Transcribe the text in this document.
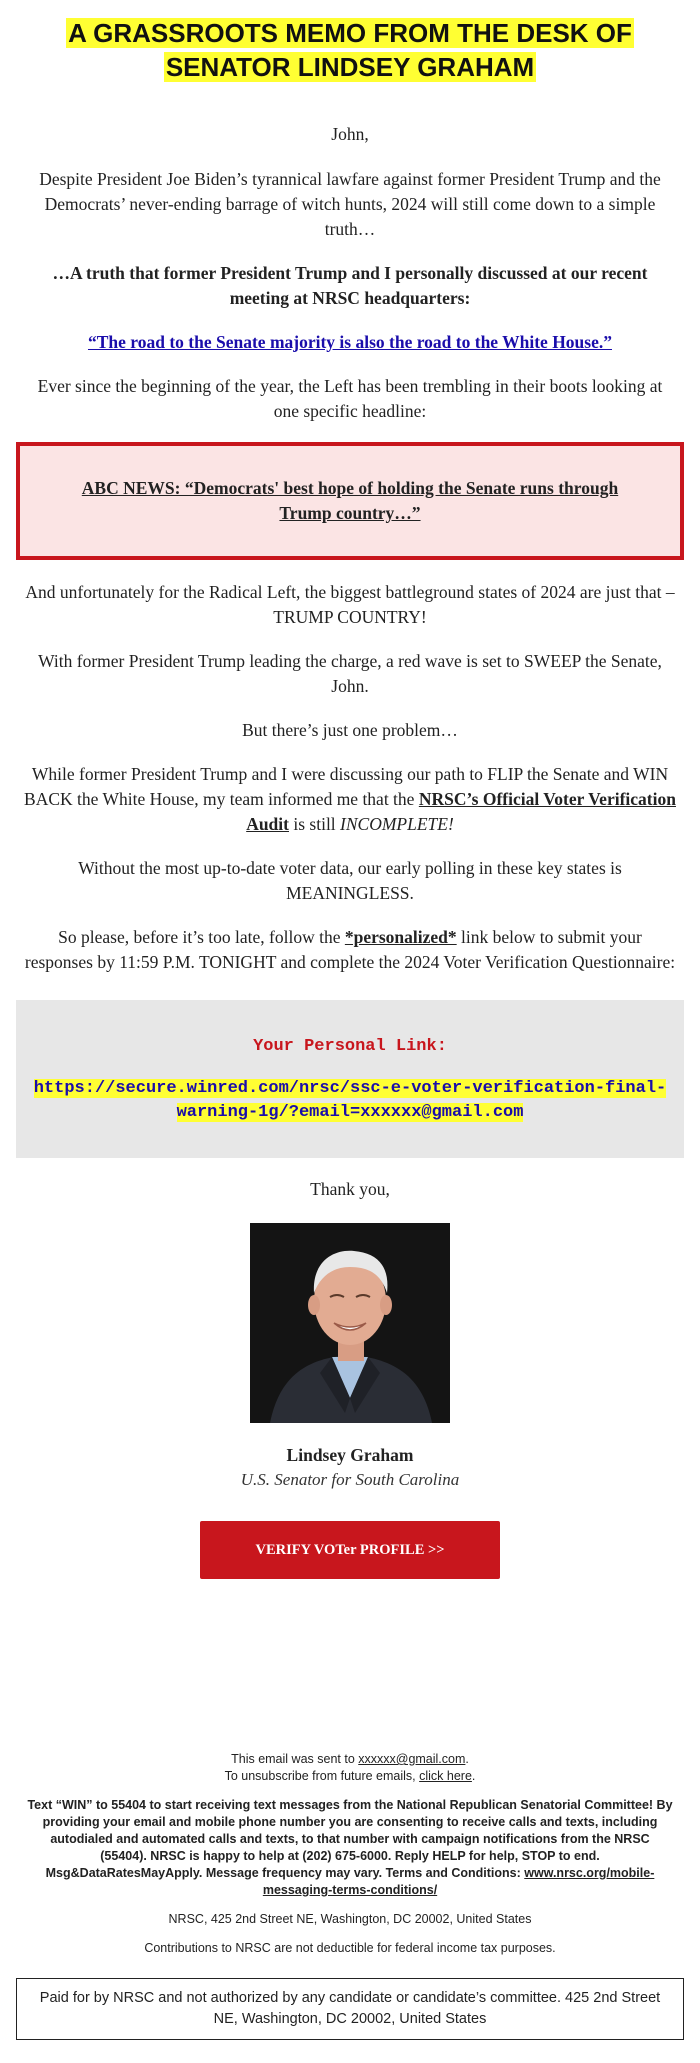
A GRASSROOTS MEMO FROM THE DESK OF
SENATOR LINDSEY GRAHAM

John,

Despite President Joe Biden’s tyrannical lawfare against former President Trump and the Democrats’ never-ending barrage of witch hunts, 2024 will still come down to a simple truth…

…A truth that former President Trump and I personally discussed at our recent meeting at NRSC headquarters:

“The road to the Senate majority is also the road to the White House.”

Ever since the beginning of the year, the Left has been trembling in their boots looking at one specific headline:

ABC NEWS: “Democrats' best hope of holding the Senate runs through Trump country…”

And unfortunately for the Radical Left, the biggest battleground states of 2024 are just that – TRUMP COUNTRY!

With former President Trump leading the charge, a red wave is set to SWEEP the Senate, John.

But there’s just one problem…

While former President Trump and I were discussing our path to FLIP the Senate and WIN BACK the White House, my team informed me that the NRSC’s Official Voter Verification Audit is still INCOMPLETE!

Without the most up-to-date voter data, our early polling in these key states is MEANINGLESS.

So please, before it’s too late, follow the *personalized* link below to submit your responses by 11:59 P.M. TONIGHT and complete the 2024 Voter Verification Questionnaire:

Your Personal Link:
https://secure.winred.com/nrsc/ssc-e-voter-verification-final-warning-1g/?email=xxxxxx@gmail.com

Thank you,

Lindsey Graham
U.S. Senator for South Carolina
VERIFY VOTer PROFILE >>
This email was sent to xxxxxx@gmail.com.
To unsubscribe from future emails, click here.
Text “WIN” to 55404 to start receiving text messages from the National Republican Senatorial Committee! By providing your email and mobile phone number you are consenting to receive calls and texts, including autodialed and automated calls and texts, to that number with campaign notifications from the NRSC (55404). NRSC is happy to help at (202) 675-6000. Reply HELP for help, STOP to end. Msg&DataRatesMayApply. Message frequency may vary. Terms and Conditions: www.nrsc.org/mobile-messaging-terms-conditions/
NRSC, 425 2nd Street NE, Washington, DC 20002, United States
Contributions to NRSC are not deductible for federal income tax purposes.
Paid for by NRSC and not authorized by any candidate or candidate’s committee. 425 2nd Street NE, Washington, DC 20002, United States
